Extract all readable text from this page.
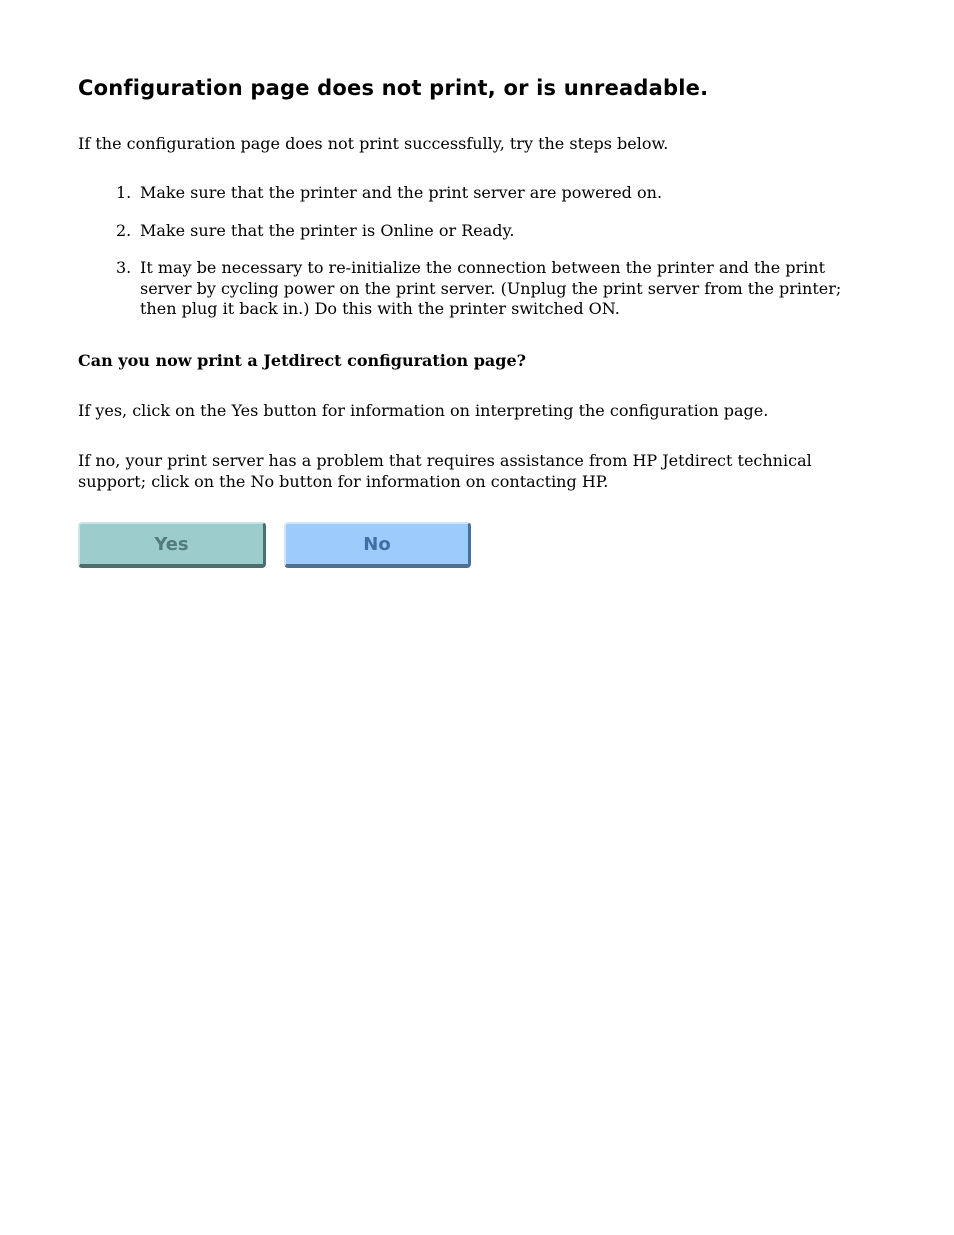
Configuration page does not print, or is unreadable.

If the configuration page does not print successfully, try the steps below.

1. Make sure that the printer and the print server are powered on.
2. Make sure that the printer is Online or Ready.
3. It may be necessary to re-initialize the connection between the printer and the print server by cycling power on the print server. (Unplug the print server from the printer; then plug it back in.) Do this with the printer switched ON.

Can you now print a Jetdirect configuration page?

If yes, click on the Yes button for information on interpreting the configuration page.

If no, your print server has a problem that requires assistance from HP Jetdirect technical support; click on the No button for information on contacting HP.

Yes	No
